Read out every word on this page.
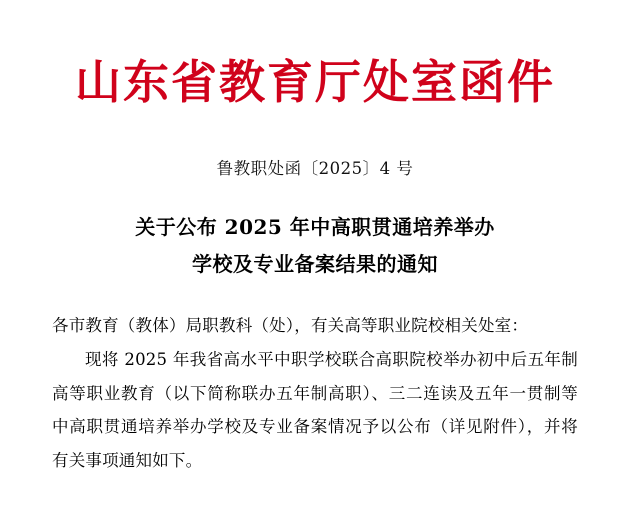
山东省教育厅处室函件
鲁教职处函〔2025〕4 号
关于公布 2025 年中高职贯通培养举办
学校及专业备案结果的通知

各市教育（教体）局职教科（处），有关高等职业院校相关处室：

现将 2025 年我省高水平中职学校联合高职院校举办初中后五年制高等职业教育（以下简称联办五年制高职）、三二连读及五年一贯制等中高职贯通培养举办学校及专业备案情况予以公布（详见附件），并将有关事项通知如下。
